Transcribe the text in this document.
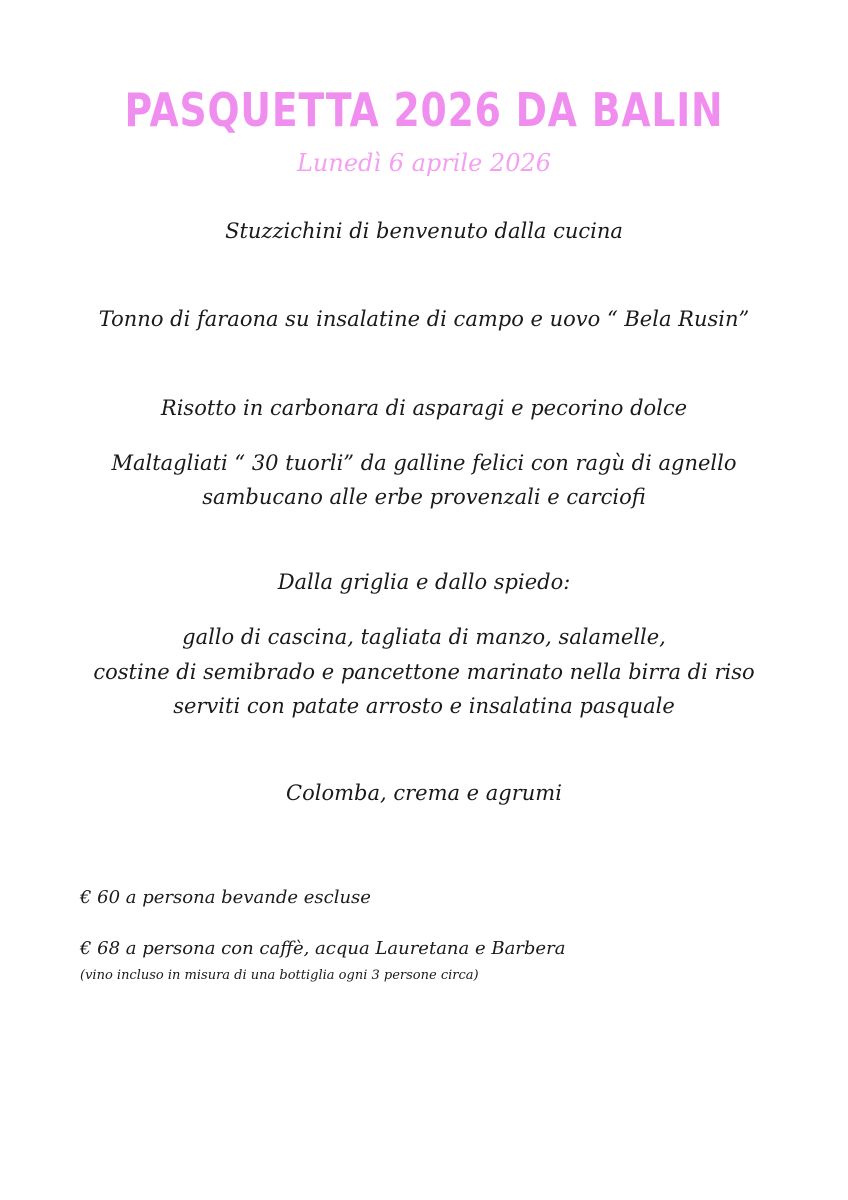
PASQUETTA 2026 DA BALIN
Lunedì 6 aprile 2026
Stuzzichini di benvenuto dalla cucina
Tonno di faraona su insalatine di campo e uovo “ Bela Rusin”
Risotto in carbonara di asparagi e pecorino dolce
Maltagliati “ 30 tuorli” da galline felici con ragù di agnello
sambucano alle erbe provenzali e carciofi
Dalla griglia e dallo spiedo:
gallo di cascina, tagliata di manzo, salamelle,
costine di semibrado e pancettone marinato nella birra di riso
serviti con patate arrosto e insalatina pasquale
Colomba, crema e agrumi
€ 60 a persona bevande escluse
€ 68 a persona con caffè, acqua Lauretana e Barbera
(vino incluso in misura di una bottiglia ogni 3 persone circa)
